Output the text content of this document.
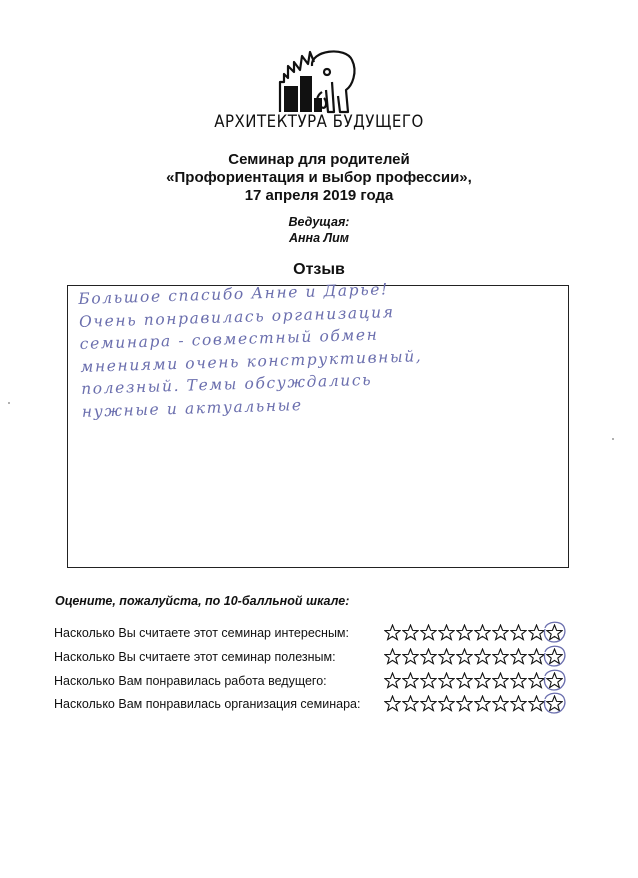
АРХИТЕКТУРА БУДУЩЕГО
Семинар для родителей
«Профориентация и выбор профессии»,
17 апреля 2019 года
Ведущая:
Анна Лим
Отзыв
Большое спасибо Анне и Дарье!
Очень понравилась организация
семинара - совместный обмен
мнениями очень конструктивный,
полезный. Темы обсуждались
нужные и актуальные
Оцените, пожалуйста, по 10-балльной шкале:
Насколько Вы считаете этот семинар интересным:
Насколько Вы считаете этот семинар полезным:
Насколько Вам понравилась работа ведущего:
Насколько Вам понравилась организация семинара:
